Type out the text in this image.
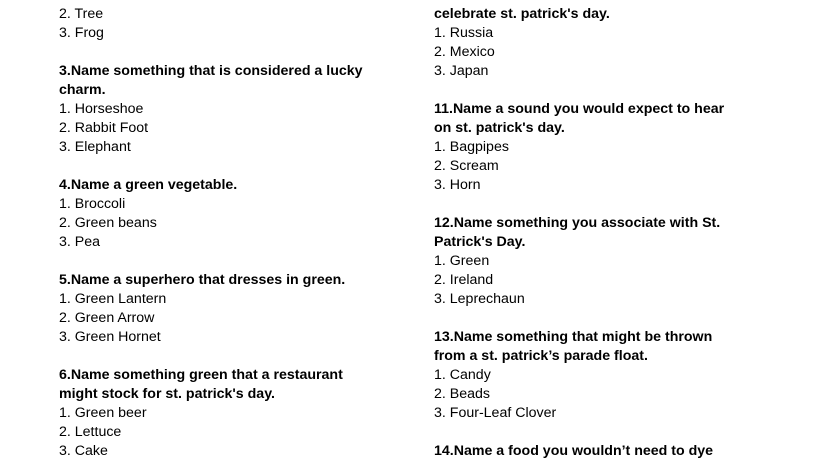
2. Tree
3. Frog
3.Name something that is considered a lucky
charm.
1. Horseshoe
2. Rabbit Foot
3. Elephant
4.Name a green vegetable.
1. Broccoli
2. Green beans
3. Pea
5.Name a superhero that dresses in green.
1. Green Lantern
2. Green Arrow
3. Green Hornet
6.Name something green that a restaurant
might stock for st. patrick's day.
1. Green beer
2. Lettuce
3. Cake

celebrate st. patrick's day.
1. Russia
2. Mexico
3. Japan
11.Name a sound you would expect to hear
on st. patrick's day.
1. Bagpipes
2. Scream
3. Horn
12.Name something you associate with St.
Patrick's Day.
1. Green
2. Ireland
3. Leprechaun
13.Name something that might be thrown
from a st. patrick’s parade float.
1. Candy
2. Beads
3. Four-Leaf Clover
14.Name a food you wouldn’t need to dye
